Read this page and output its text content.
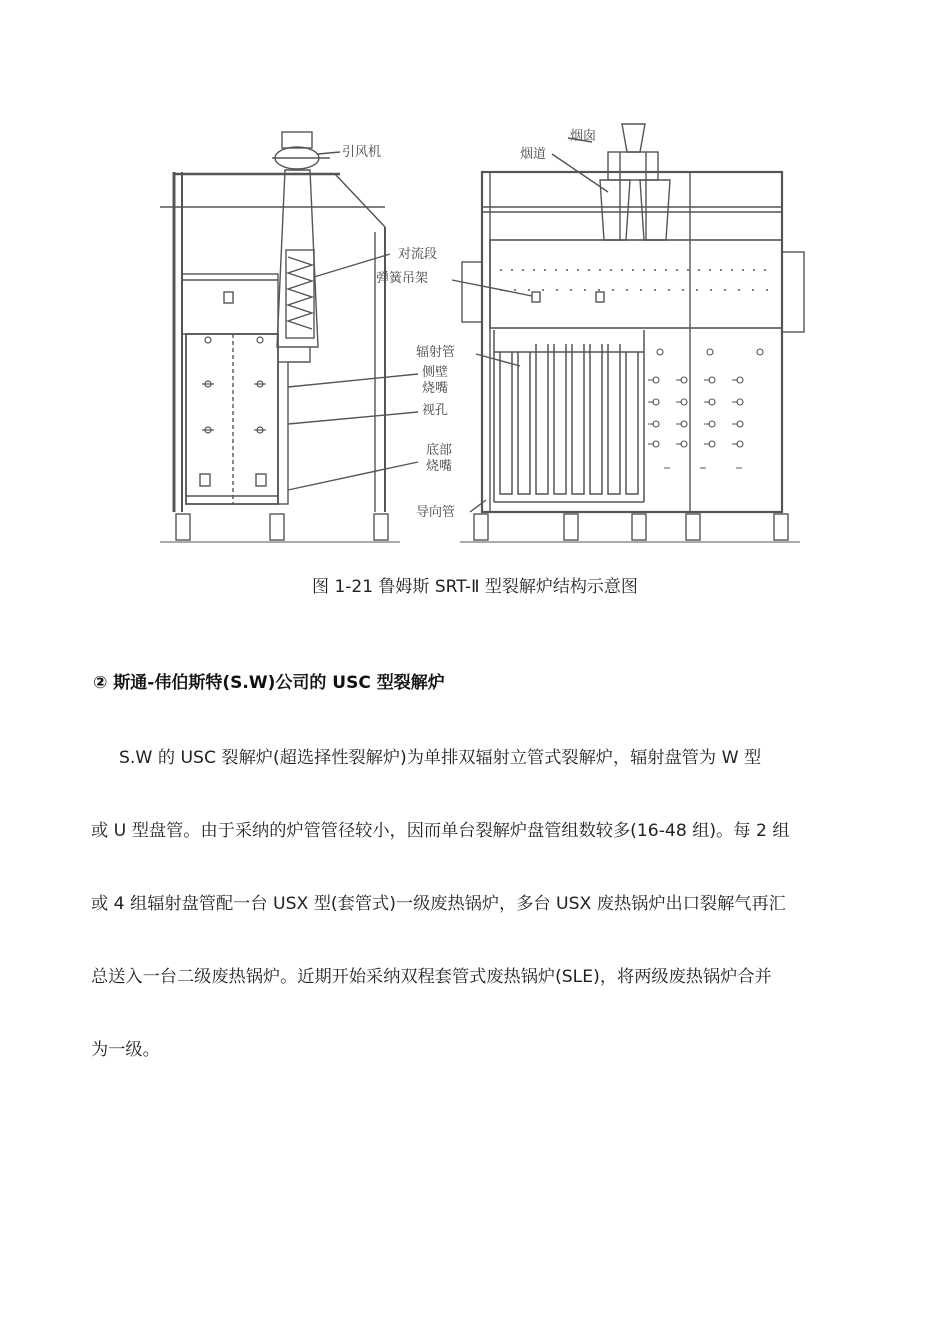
引风机
烟囱
烟道
对流段
弹簧吊架
辐射管
侧壁
烧嘴
视孔
底部
烧嘴
导向管
图 1-21 鲁姆斯 SRT-Ⅱ 型裂解炉结构示意图
② 斯通-伟伯斯特(S.W)公司的 USC 型裂解炉
S.W 的 USC 裂解炉(超选择性裂解炉)为单排双辐射立管式裂解炉，辐射盘管为 W 型
或 U 型盘管。由于采纳的炉管管径较小，因而单台裂解炉盘管组数较多(16-48 组)。每 2 组
或 4 组辐射盘管配一台 USX 型(套管式)一级废热锅炉，多台 USX 废热锅炉出口裂解气再汇
总送入一台二级废热锅炉。近期开始采纳双程套管式废热锅炉(SLE)，将两级废热锅炉合并
为一级。
